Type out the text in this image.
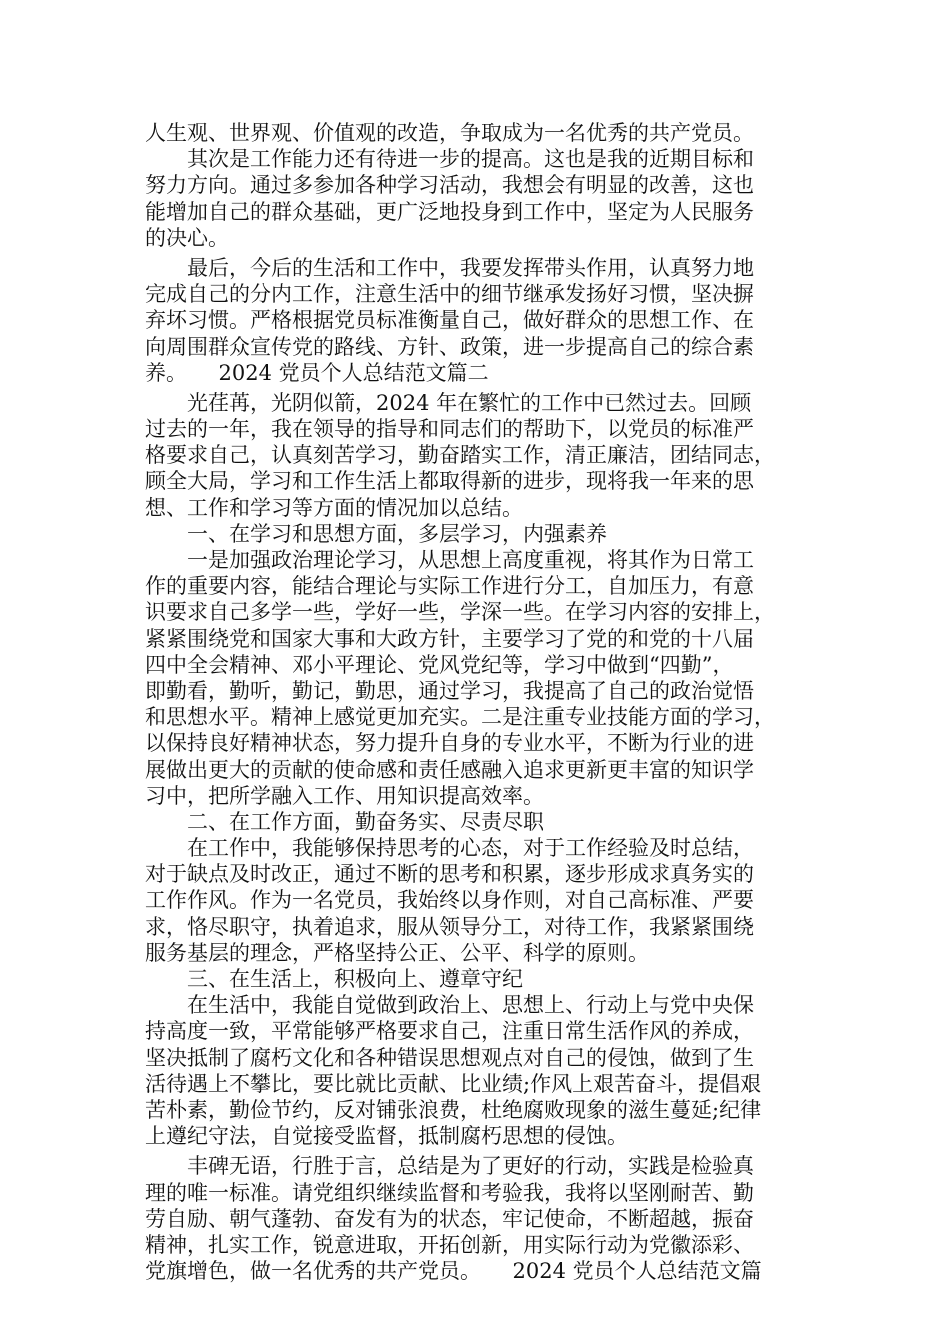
人生观、世界观、价值观的改造，争取成为一名优秀的共产党员。
　　其次是工作能力还有待进一步的提高。这也是我的近期目标和
努力方向。通过多参加各种学习活动，我想会有明显的改善，这也
能增加自己的群众基础，更广泛地投身到工作中，坚定为人民服务
的决心。
　　最后，今后的生活和工作中，我要发挥带头作用，认真努力地
完成自己的分内工作，注意生活中的细节继承发扬好习惯，坚决摒
弃坏习惯。严格根据党员标准衡量自己，做好群众的思想工作、在
向周围群众宣传党的路线、方针、政策，进一步提高自己的综合素
养。　　2024 党员个人总结范文篇二
　　光荏苒，光阴似箭，2024 年在繁忙的工作中已然过去。回顾
过去的一年，我在领导的指导和同志们的帮助下，以党员的标准严
格要求自己，认真刻苦学习，勤奋踏实工作，清正廉洁，团结同志，
顾全大局，学习和工作生活上都取得新的进步，现将我一年来的思
想、工作和学习等方面的情况加以总结。
　　一、在学习和思想方面，多层学习，内强素养
　　一是加强政治理论学习，从思想上高度重视，将其作为日常工
作的重要内容，能结合理论与实际工作进行分工，自加压力，有意
识要求自己多学一些，学好一些，学深一些。在学习内容的安排上，
紧紧围绕党和国家大事和大政方针，主要学习了党的和党的十八届
四中全会精神、邓小平理论、党风党纪等，学习中做到“四勤”，
即勤看，勤听，勤记，勤思，通过学习，我提高了自己的政治觉悟
和思想水平。精神上感觉更加充实。二是注重专业技能方面的学习，
以保持良好精神状态，努力提升自身的专业水平，不断为行业的进
展做出更大的贡献的使命感和责任感融入追求更新更丰富的知识学
习中，把所学融入工作、用知识提高效率。
　　二、在工作方面，勤奋务实、尽责尽职
　　在工作中，我能够保持思考的心态，对于工作经验及时总结，
对于缺点及时改正，通过不断的思考和积累，逐步形成求真务实的
工作作风。作为一名党员，我始终以身作则，对自己高标准、严要
求，恪尽职守，执着追求，服从领导分工，对待工作，我紧紧围绕
服务基层的理念，严格坚持公正、公平、科学的原则。
　　三、在生活上，积极向上、遵章守纪
　　在生活中，我能自觉做到政治上、思想上、行动上与党中央保
持高度一致，平常能够严格要求自己，注重日常生活作风的养成，
坚决抵制了腐朽文化和各种错误思想观点对自己的侵蚀，做到了生
活待遇上不攀比，要比就比贡献、比业绩;作风上艰苦奋斗，提倡艰
苦朴素，勤俭节约，反对铺张浪费，杜绝腐败现象的滋生蔓延;纪律
上遵纪守法，自觉接受监督，抵制腐朽思想的侵蚀。
　　丰碑无语，行胜于言，总结是为了更好的行动，实践是检验真
理的唯一标准。请党组织继续监督和考验我，我将以坚刚耐苦、勤
劳自励、朝气蓬勃、奋发有为的状态，牢记使命，不断超越，振奋
精神，扎实工作，锐意进取，开拓创新，用实际行动为党徽添彩、
党旗增色，做一名优秀的共产党员。　　2024 党员个人总结范文篇
